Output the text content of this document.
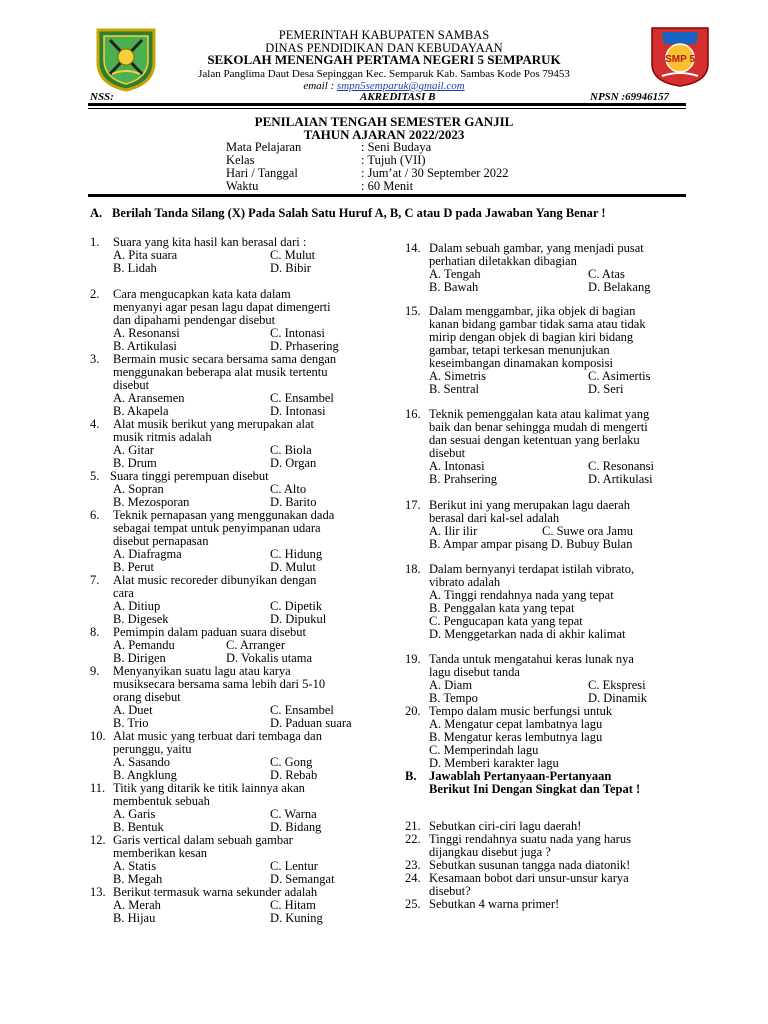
SMP 5
PEMERINTAH KABUPATEN SAMBAS
DINAS PENDIDIKAN DAN KEBUDAYAAN
SEKOLAH MENENGAH PERTAMA NEGERI 5 SEMPARUK
Jalan Panglima Daut Desa Sepinggan Kec. Semparuk Kab. Sambas Kode Pos 79453
email : smpn5semparuk@gmail.com
NSS:	AKREDITASI B	NPSN :69946157
PENILAIAN TENGAH SEMESTER GANJIL
TAHUN AJARAN 2022/2023
Mata Pelajaran	: Seni Budaya
Kelas	: Tujuh (VII)
Hari / Tanggal	: Jum’at / 30 September 2022
Waktu	: 60 Menit
A. Berilah Tanda Silang (X) Pada Salah Satu Huruf A, B, C atau D pada Jawaban Yang Benar !
B. Jawablah Pertanyaan-Pertanyaan
Berikut Ini Dengan Singkat dan Tepat !
1. Suara yang kita hasil kan berasal dari :
A. Pita suara	C. Mulut
B. Lidah	D. Bibir
2. Cara mengucapkan kata kata dalam
menyanyi agar pesan lagu dapat dimengerti
dan dipahami pendengar disebut
A. Resonansi	C. Intonasi
B. Artikulasi	D. Prhasering
3. Bermain music secara bersama sama dengan
menggunakan beberapa alat musik tertentu
disebut
A. Aransemen	C. Ensambel
B. Akapela	D. Intonasi
4. Alat musik berikut yang merupakan alat
musik ritmis adalah
A. Gitar	C. Biola
B. Drum	D. Organ
5. Suara tinggi perempuan disebut
A. Sopran	C. Alto
B. Mezosporan	D. Barito
6. Teknik pernapasan yang menggunakan dada
sebagai tempat untuk penyimpanan udara
disebut pernapasan
A. Diafragma	C. Hidung
B. Perut	D. Mulut
7. Alat music recoreder dibunyikan dengan
cara
A. Ditiup	C. Dipetik
B. Digesek	D. Dipukul
8. Pemimpin dalam paduan suara disebut
A. Pemandu	C. Arranger
B. Dirigen	D. Vokalis utama
9. Menyanyikan suatu lagu atau karya
musiksecara bersama sama lebih dari 5-10
orang disebut
A. Duet	C. Ensambel
B. Trio	D. Paduan suara
10. Alat music yang terbuat dari tembaga dan
perunggu, yaitu
A. Sasando	C. Gong
B. Angklung	D. Rebab
11. Titik yang ditarik ke titik lainnya akan
membentuk sebuah
A. Garis	C. Warna
B. Bentuk	D. Bidang
12. Garis vertical dalam sebuah gambar
memberikan kesan
A. Statis	C. Lentur
B. Megah	D. Semangat
13. Berikut termasuk warna sekunder adalah
A. Merah	C. Hitam
B. Hijau	D. Kuning
14. Dalam sebuah gambar, yang menjadi pusat
perhatian diletakkan dibagian
A. Tengah	C. Atas
B. Bawah	D. Belakang
15. Dalam menggambar, jika objek di bagian
kanan bidang gambar tidak sama atau tidak
mirip dengan objek di bagian kiri bidang
gambar, tetapi terkesan menunjukan
keseimbangan dinamakan komposisi
A. Simetris	C. Asimertis
B. Sentral	D. Seri
16. Teknik pemenggalan kata atau kalimat yang
baik dan benar sehingga mudah di mengerti
dan sesuai dengan ketentuan yang berlaku
disebut
A. Intonasi	C. Resonansi
B. Prahsering	D. Artikulasi
17. Berikut ini yang merupakan lagu daerah
berasal dari kal-sel adalah
A. Ilir ilir	C. Suwe ora Jamu
B. Ampar ampar pisang D. Bubuy Bulan
18. Dalam bernyanyi terdapat istilah vibrato,
vibrato adalah
A. Tinggi rendahnya nada yang tepat
B. Penggalan kata yang tepat
C. Pengucapan kata yang tepat
D. Menggetarkan nada di akhir kalimat
19. Tanda untuk mengatahui keras lunak nya
lagu disebut tanda
A. Diam	C. Ekspresi
B. Tempo	D. Dinamik
20. Tempo dalam music berfungsi untuk
A. Mengatur cepat lambatnya lagu
B. Mengatur keras lembutnya lagu
C. Memperindah lagu
D. Memberi karakter lagu
21. Sebutkan ciri-ciri lagu daerah!
22. Tinggi rendahnya suatu nada yang harus
dijangkau disebut juga ?
23. Sebutkan susunan tangga nada diatonik!
24. Kesamaan bobot dari unsur-unsur karya
disebut?
25. Sebutkan 4 warna primer!
